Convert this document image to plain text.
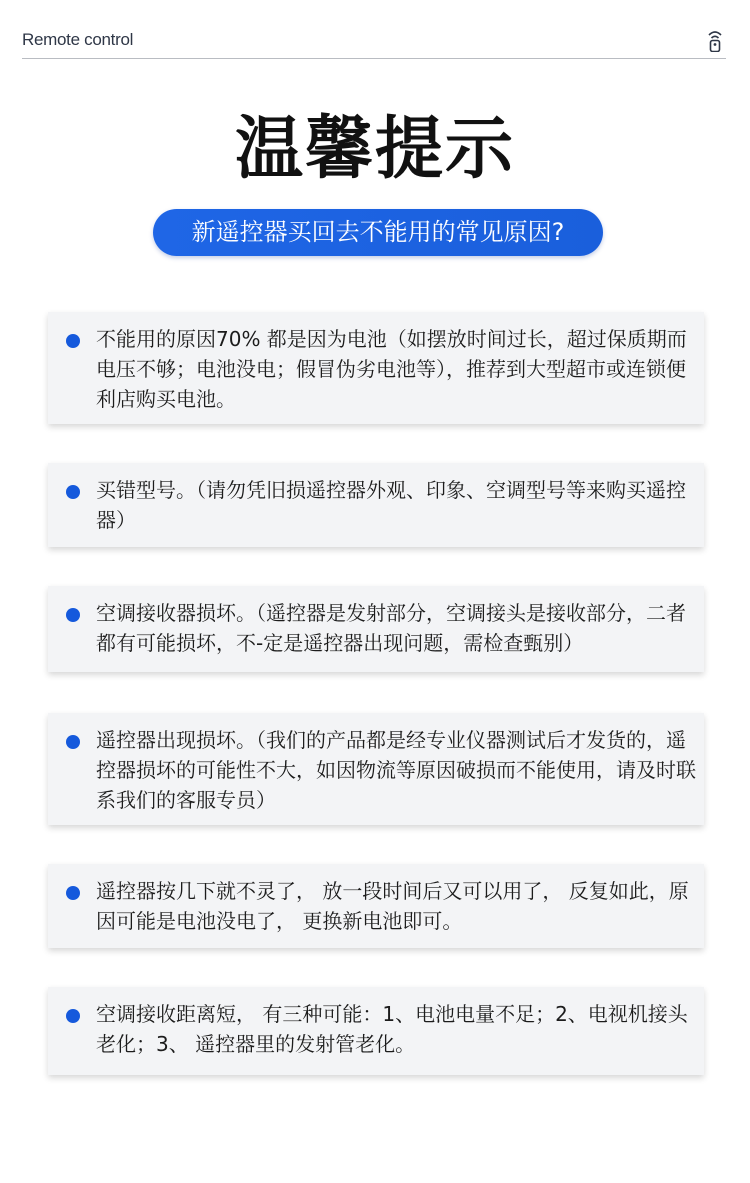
Remote control
温馨提示
新遥控器买回去不能用的常见原因?
不能用的原因70% 都是因为电池（如摆放时间过长，超过保质期而电压不够；电池没电；假冒伪劣电池等），推荐到大型超市或连锁便利店购买电池。
买错型号。（请勿凭旧损遥控器外观、印象、空调型号等来购买遥控器）
空调接收器损坏。（遥控器是发射部分，空调接头是接收部分，二者都有可能损坏，不-定是遥控器出现问题，需检查甄别）
遥控器出现损坏。（我们的产品都是经专业仪器测试后才发货的，遥控器损坏的可能性不大，如因物流等原因破损而不能使用，请及时联系我们的客服专员）
遥控器按几下就不灵了， 放一段时间后又可以用了， 反复如此，原因可能是电池没电了， 更换新电池即可。
空调接收距离短， 有三种可能：1、电池电量不足；2、电视机接头老化；3、 遥控器里的发射管老化。
